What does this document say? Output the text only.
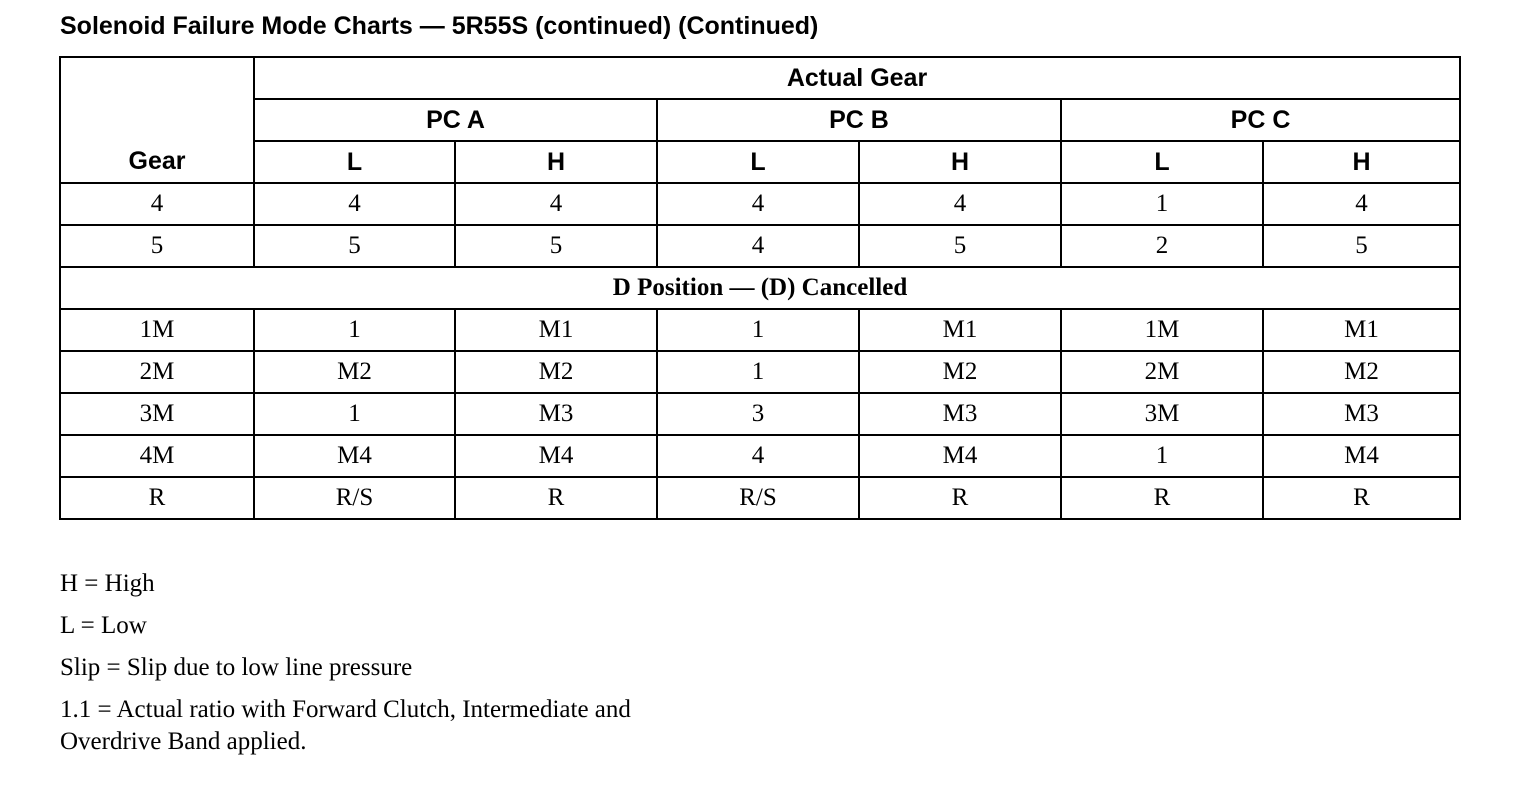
Solenoid Failure Mode Charts — 5R55S (continued) (Continued)
Gear	Actual Gear					
	PC A		PC B		PC C	
	L	H	L	H	L	H
4	4	4	4	4	1	4
5	5	5	4	5	2	5
D Position — (D) Cancelled						
1M	1	M1	1	M1	1M	M1
2M	M2	M2	1	M2	2M	M2
3M	1	M3	3	M3	3M	M3
4M	M4	M4	4	M4	1	M4
R	R/S	R	R/S	R	R	R

H = High

L = Low

Slip = Slip due to low line pressure

1.1 = Actual ratio with Forward Clutch, Intermediate and

Overdrive Band applied.
